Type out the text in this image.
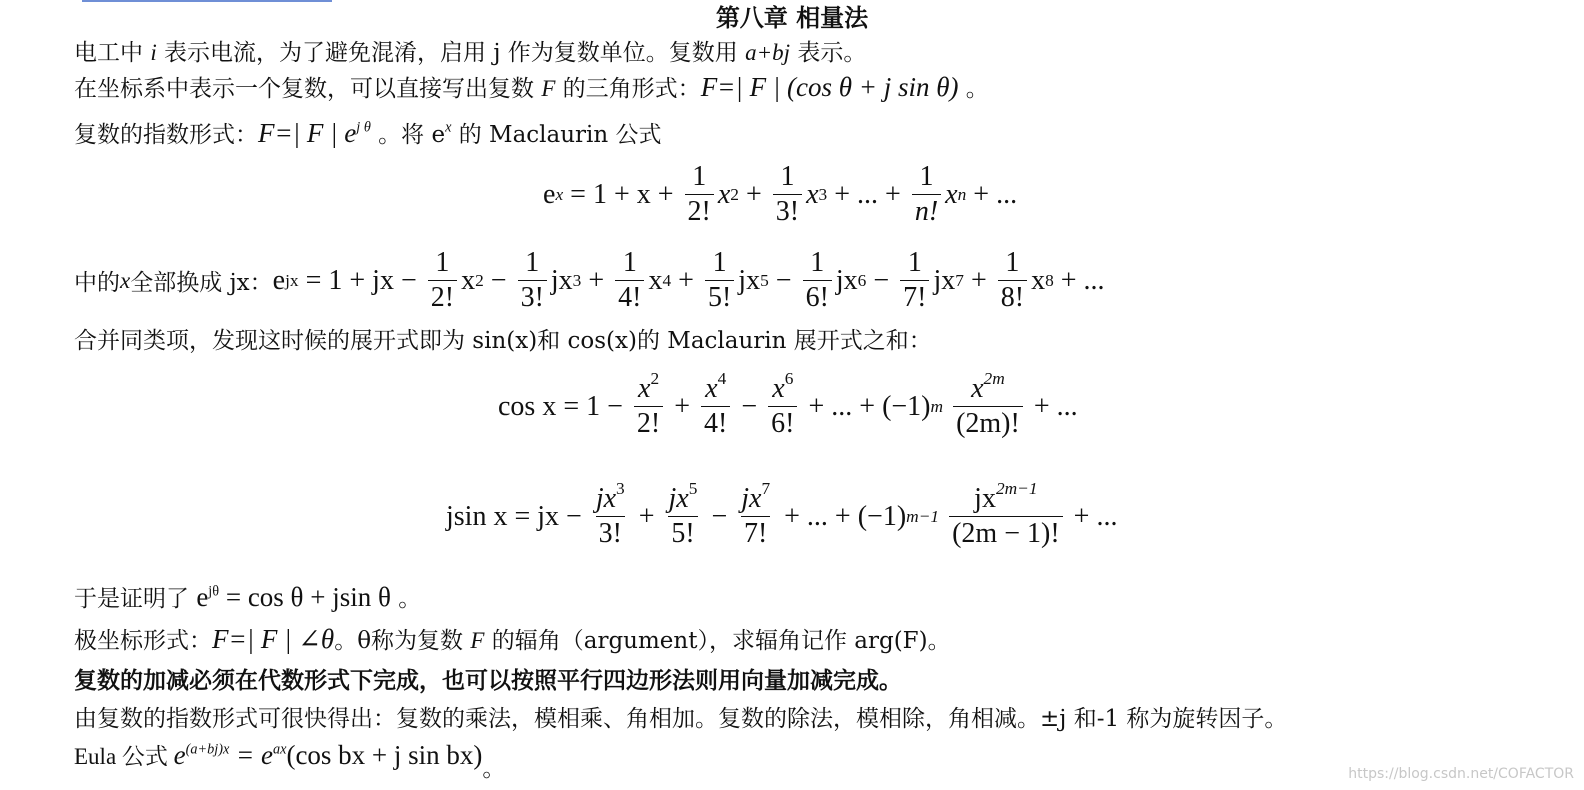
第八章 相量法
电工中 i 表示电流，为了避免混淆，启用 j 作为复数单位。复数用 a+bj 表示。
在坐标系中表示一个复数，可以直接写出复数 F 的三角形式：F=| F | (cos θ + j sin θ) 。
复数的指数形式：F=| F | $e^{j \theta}$ 。将 $e^x$ 的 Maclaurin 公式
e $x = 1 + x + \frac{1}{2!}$ x $2 + \frac{1}{3!}$ x 3 + ... + $\frac{1}{n!}$ x n + ...
中的 x 全部换成 jx： e jx = 1 + jx − $\frac{1}{2!}$ x $2 - \frac{1}{3!}$ jx $3 + \frac{1}{4!}$ x $4 + \frac{1}{5!}$ jx $5 - \frac{1}{6!}$ jx $6 - \frac{1}{7!}$ jx $7 + \frac{1}{8!}$ x 8 + ...
合并同类项，发现这时候的展开式即为 sin(x)和 cos(x)的 Maclaurin 展开式之和：
$\cos x = 1 - \frac{x^2}{2!} + \frac{x^4}{4!} - \frac{x^6}{6!}$ + ... + (−1) m $\frac{x^{2m}}{(2m)!}$ + ...
jsin x = jx − $\frac{jx^3}{3!} + \frac{jx^5}{5!} - \frac{jx^7}{7!}$ + ... + (−1) $m-1 \frac{jx^{2m-1}}{(2m - 1)!}$ + ...
于是证明了 $e^{j\theta} = \cos \theta + jsin$ θ 。
极坐标形式：F=| F | ∠θ。θ称为复数 F 的辐角（argument），求辐角记作 arg(F)。
复数的加减必须在代数形式下完成，也可以按照平行四边形法则用向量加减完成。
由复数的指数形式可很快得出：复数的乘法，模相乘、角相加。复数的除法，模相除，角相减。±j 和-1 称为旋转因子。
Eula 公式 $e^{(a+bj)x} = e^{ax}(\cos$ bx + j sin bx)。	https://blog.csdn.net/COFACTOR
